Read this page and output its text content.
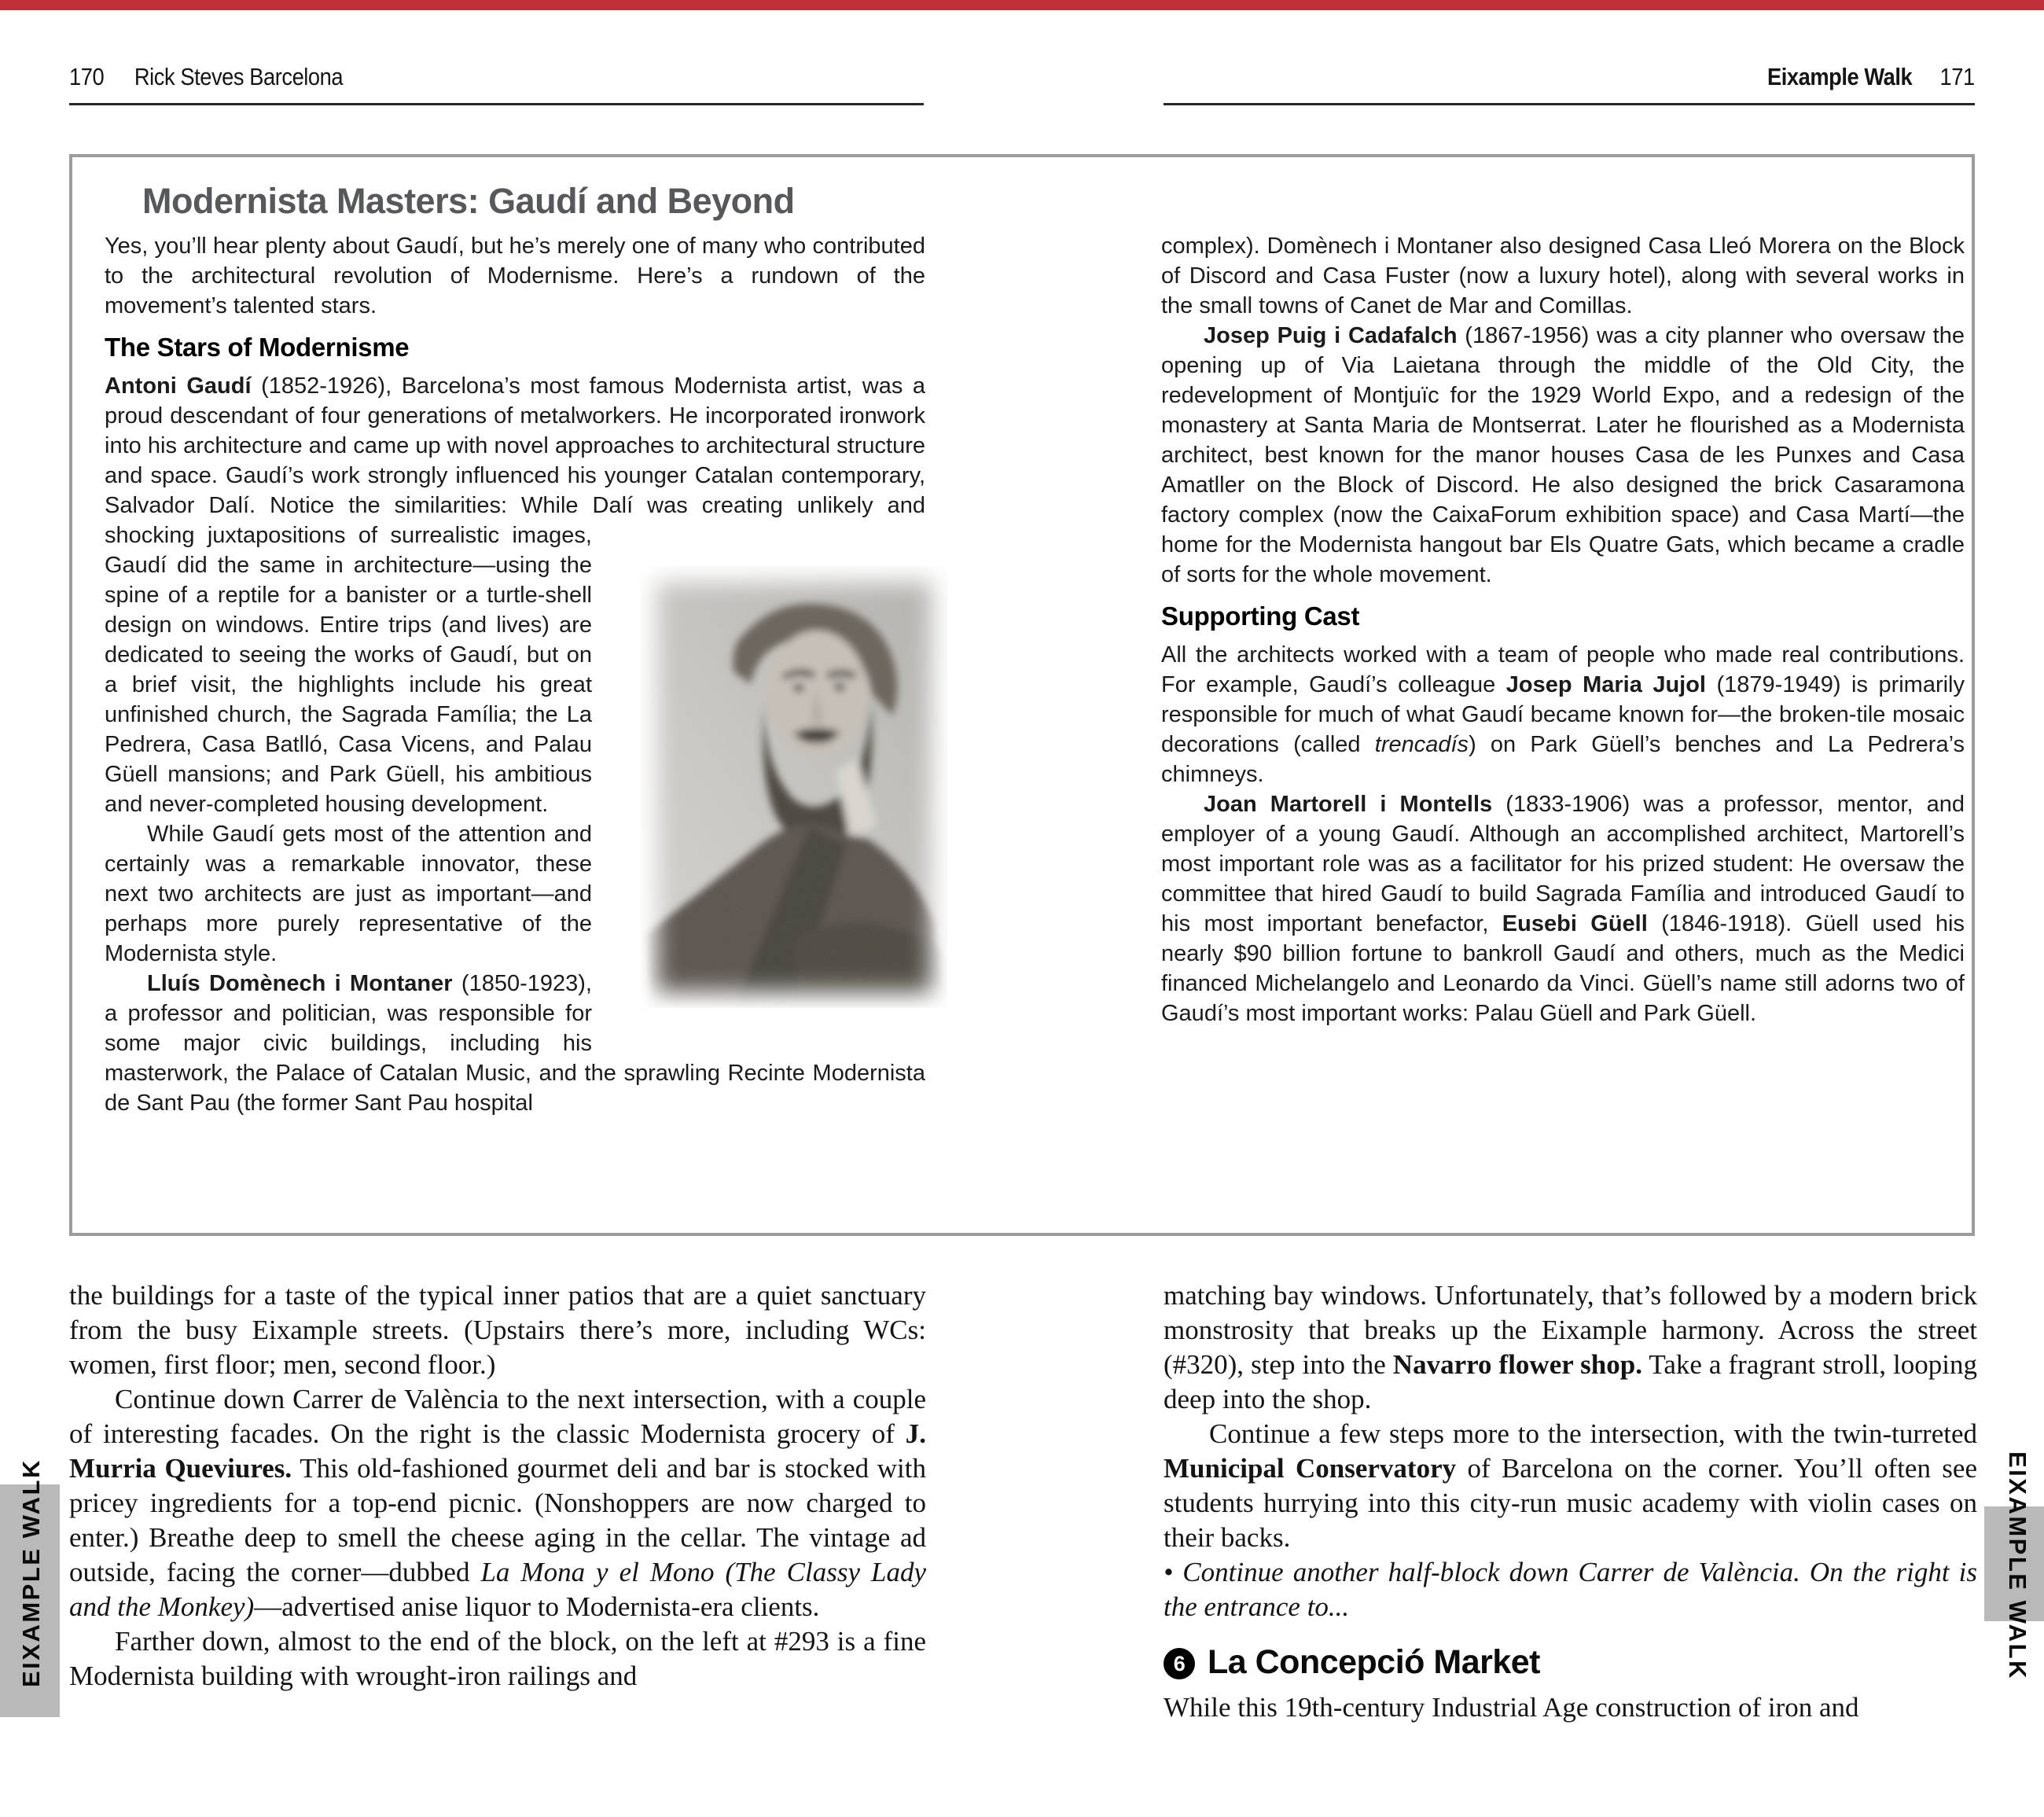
170 Rick Steves Barcelona	Eixample Walk 171
Modernista Masters: Gaudí and Beyond

Yes, you’ll hear plenty about Gaudí, but he’s merely one of many who contributed to the architectural revolution of Modernisme. Here’s a rundown of the movement’s talented stars.

The Stars of Modernisme

Antoni Gaudí (1852-1926), Barcelona’s most famous Modernista artist, was a proud descendant of four generations of metalworkers. He incorporated ironwork into his architecture and came up with novel approaches to architectural structure and space. Gaudí’s work strongly influenced his younger Catalan contemporary, Salvador Dalí. Notice the similarities: While Dalí was creating
unlikely and shocking juxtapositions of surrealistic images, Gaudí did the same in architecture—using the spine of a reptile for a banister or a turtle-shell design on windows. Entire trips (and lives) are dedicated to seeing the works of Gaudí, but on a brief visit, the highlights include his great unfinished church, the Sagrada Família; the La Pedrera, Casa Batlló, Casa Vicens, and Palau Güell mansions; and Park Güell, his ambitious and never-completed housing development.

While Gaudí gets most of the attention and certainly was a remarkable innovator, these next two architects are just as important—and perhaps more purely representative of the Modernista style.

Lluís Domènech i Montaner (1850-1923), a professor and politician, was responsible for some major civic buildings, including his masterwork, the Palace of Catalan Music, and the sprawling Recinte Modernista de Sant Pau (the former Sant Pau hospital

complex). Domènech i Montaner also designed Casa Lleó Morera on the Block of Discord and Casa Fuster (now a luxury hotel), along with several works in the small towns of Canet de Mar and Comillas.

Josep Puig i Cadafalch (1867-1956) was a city planner who oversaw the opening up of Via Laietana through the middle of the Old City, the redevelopment of Montjuïc for the 1929 World Expo, and a redesign of the monastery at Santa Maria de Montserrat. Later he flourished as a Modernista architect, best known for the manor houses Casa de les Punxes and Casa Amatller on the Block of Discord. He also designed the brick Casaramona factory complex (now the CaixaForum exhibition space) and Casa Martí—the home for the Modernista hangout bar Els Quatre Gats, which became a cradle of sorts for the whole movement.

Supporting Cast

All the architects worked with a team of people who made real contributions. For example, Gaudí’s colleague Josep Maria Jujol (1879-1949) is primarily responsible for much of what Gaudí became known for—the broken-tile mosaic decorations (called trencadís) on Park Güell’s benches and La Pedrera’s chimneys.

Joan Martorell i Montells (1833-1906) was a professor, mentor, and employer of a young Gaudí. Although an accomplished architect, Martorell’s most important role was as a facilitator for his prized student: He oversaw the committee that hired Gaudí to build Sagrada Família and introduced Gaudí to his most important benefactor, Eusebi Güell (1846-1918). Güell used his nearly $90 billion fortune to bankroll Gaudí and others, much as the Medici financed Michelangelo and Leonardo da Vinci. Güell’s name still adorns two of Gaudí’s most important works: Palau Güell and Park Güell.

the buildings for a taste of the typical inner patios that are a quiet sanctuary from the busy Eixample streets. (Upstairs there’s more, including WCs: women, first floor; men, second floor.)

Continue down Carrer de València to the next intersection, with a couple of interesting facades. On the right is the classic Modernista grocery of J. Murria Queviures. This old-fashioned gourmet deli and bar is stocked with pricey ingredients for a top-end picnic. (Nonshoppers are now charged to enter.) Breathe deep to smell the cheese aging in the cellar. The vintage ad outside, facing the corner—dubbed La Mona y el Mono (The Classy Lady and the Monkey)—advertised anise liquor to Modernista-era clients.

Farther down, almost to the end of the block, on the left at #293 is a fine Modernista building with wrought-iron railings and

matching bay windows. Unfortunately, that’s followed by a modern brick monstrosity that breaks up the Eixample harmony. Across the street (#320), step into the Navarro flower shop. Take a fragrant stroll, looping deep into the shop.

Continue a few steps more to the intersection, with the twin-turreted Municipal Conservatory of Barcelona on the corner. You’ll often see students hurrying into this city-run music academy with violin cases on their backs.

• Continue another half-block down Carrer de València. On the right is the entrance to...

6 La Concepció Market

While this 19th-century Industrial Age construction of iron and

EIXAMPLE WALK	EIXAMPLE WALK
